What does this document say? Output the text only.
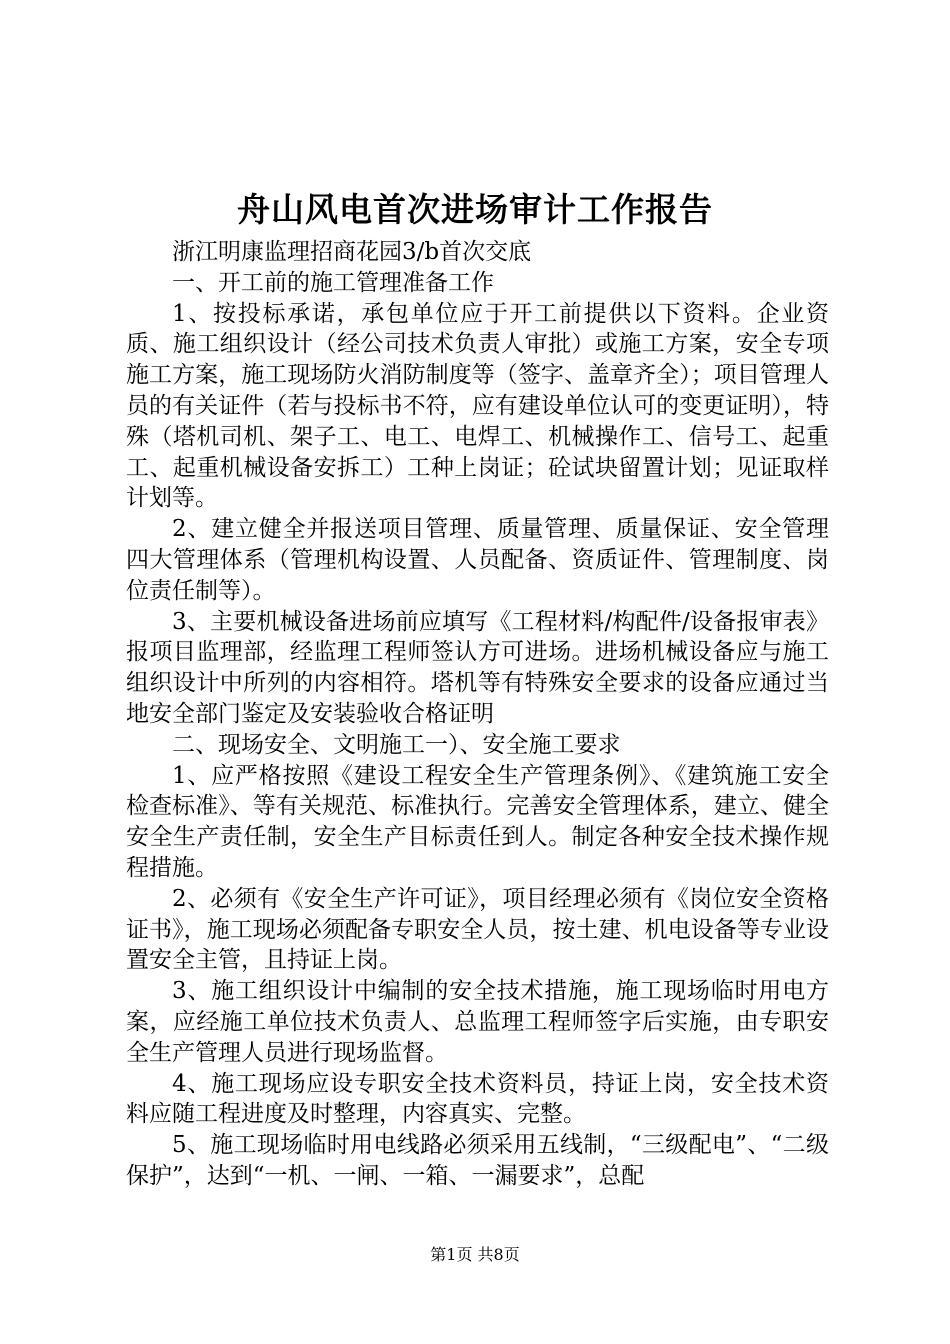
舟山风电首次进场审计工作报告

浙江明康监理招商花园3/b首次交底

一、开工前的施工管理准备工作

1、按投标承诺，承包单位应于开工前提供以下资料。企业资质、施工组织设计（经公司技术负责人审批）或施工方案，安全专项施工方案，施工现场防火消防制度等（签字、盖章齐全）；项目管理人员的有关证件（若与投标书不符，应有建设单位认可的变更证明），特殊（塔机司机、架子工、电工、电焊工、机械操作工、信号工、起重工、起重机械设备安拆工）工种上岗证；砼试块留置计划；见证取样计划等。

2、建立健全并报送项目管理、质量管理、质量保证、安全管理四大管理体系（管理机构设置、人员配备、资质证件、管理制度、岗位责任制等）。

3、主要机械设备进场前应填写《工程材料/构配件/设备报审表》报项目监理部，经监理工程师签认方可进场。进场机械设备应与施工组织设计中所列的内容相符。塔机等有特殊安全要求的设备应通过当地安全部门鉴定及安装验收合格证明

二、现场安全、文明施工一）、安全施工要求

1、应严格按照《建设工程安全生产管理条例》、《建筑施工安全检查标准》、等有关规范、标准执行。完善安全管理体系，建立、健全安全生产责任制，安全生产目标责任到人。制定各种安全技术操作规程措施。

2、必须有《安全生产许可证》，项目经理必须有《岗位安全资格证书》，施工现场必须配备专职安全人员，按土建、机电设备等专业设置安全主管，且持证上岗。

3、施工组织设计中编制的安全技术措施，施工现场临时用电方案，应经施工单位技术负责人、总监理工程师签字后实施，由专职安全生产管理人员进行现场监督。

4、施工现场应设专职安全技术资料员，持证上岗，安全技术资料应随工程进度及时整理，内容真实、完整。

5、施工现场临时用电线路必须采用五线制，“三级配电”、“二级保护”，达到“一机、一闸、一箱、一漏要求”，总配

第1页 共8页
